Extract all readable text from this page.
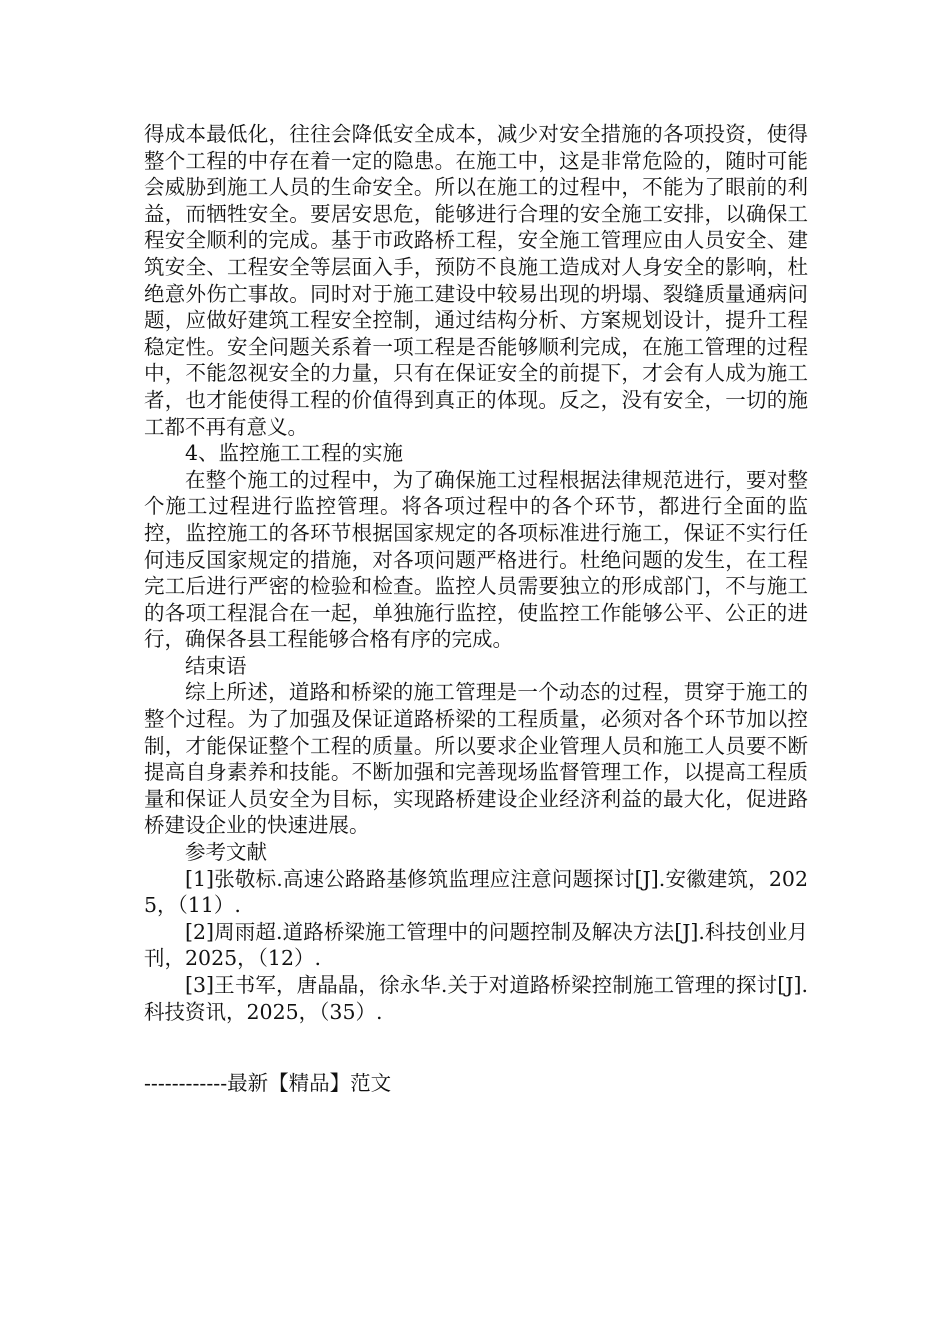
得成本最低化，往往会降低安全成本，减少对安全措施的各项投资，使得整个工程的中存在着一定的隐患。在施工中，这是非常危险的，随时可能会威胁到施工人员的生命安全。所以在施工的过程中，不能为了眼前的利益，而牺牲安全。要居安思危，能够进行合理的安全施工安排，以确保工程安全顺利的完成。基于市政路桥工程，安全施工管理应由人员安全、建筑安全、工程安全等层面入手，预防不良施工造成对人身安全的影响，杜绝意外伤亡事故。同时对于施工建设中较易出现的坍塌、裂缝质量通病问题，应做好建筑工程安全控制，通过结构分析、方案规划设计，提升工程稳定性。安全问题关系着一项工程是否能够顺利完成，在施工管理的过程中，不能忽视安全的力量，只有在保证安全的前提下，才会有人成为施工者，也才能使得工程的价值得到真正的体现。反之，没有安全，一切的施工都不再有意义。

4、监控施工工程的实施

在整个施工的过程中，为了确保施工过程根据法律规范进行，要对整个施工过程进行监控管理。将各项过程中的各个环节，都进行全面的监控，监控施工的各环节根据国家规定的各项标准进行施工，保证不实行任何违反国家规定的措施，对各项问题严格进行。杜绝问题的发生，在工程完工后进行严密的检验和检查。监控人员需要独立的形成部门，不与施工的各项工程混合在一起，单独施行监控，使监控工作能够公平、公正的进行，确保各县工程能够合格有序的完成。

结束语

综上所述，道路和桥梁的施工管理是一个动态的过程，贯穿于施工的整个过程。为了加强及保证道路桥梁的工程质量，必须对各个环节加以控制，才能保证整个工程的质量。所以要求企业管理人员和施工人员要不断提高自身素养和技能。不断加强和完善现场监督管理工作，以提高工程质量和保证人员安全为目标，实现路桥建设企业经济利益的最大化，促进路桥建设企业的快速进展。

参考文献

[1]张敬标.高速公路路基修筑监理应注意问题探讨[J].安徽建筑，2025，（11）.

[2]周雨超.道路桥梁施工管理中的问题控制及解决方法[J].科技创业月刊，2025，（12）.

[3]王书军，唐晶晶，徐永华.关于对道路桥梁控制施工管理的探讨[J].科技资讯，2025，（35）.

------------最新【精品】范文
